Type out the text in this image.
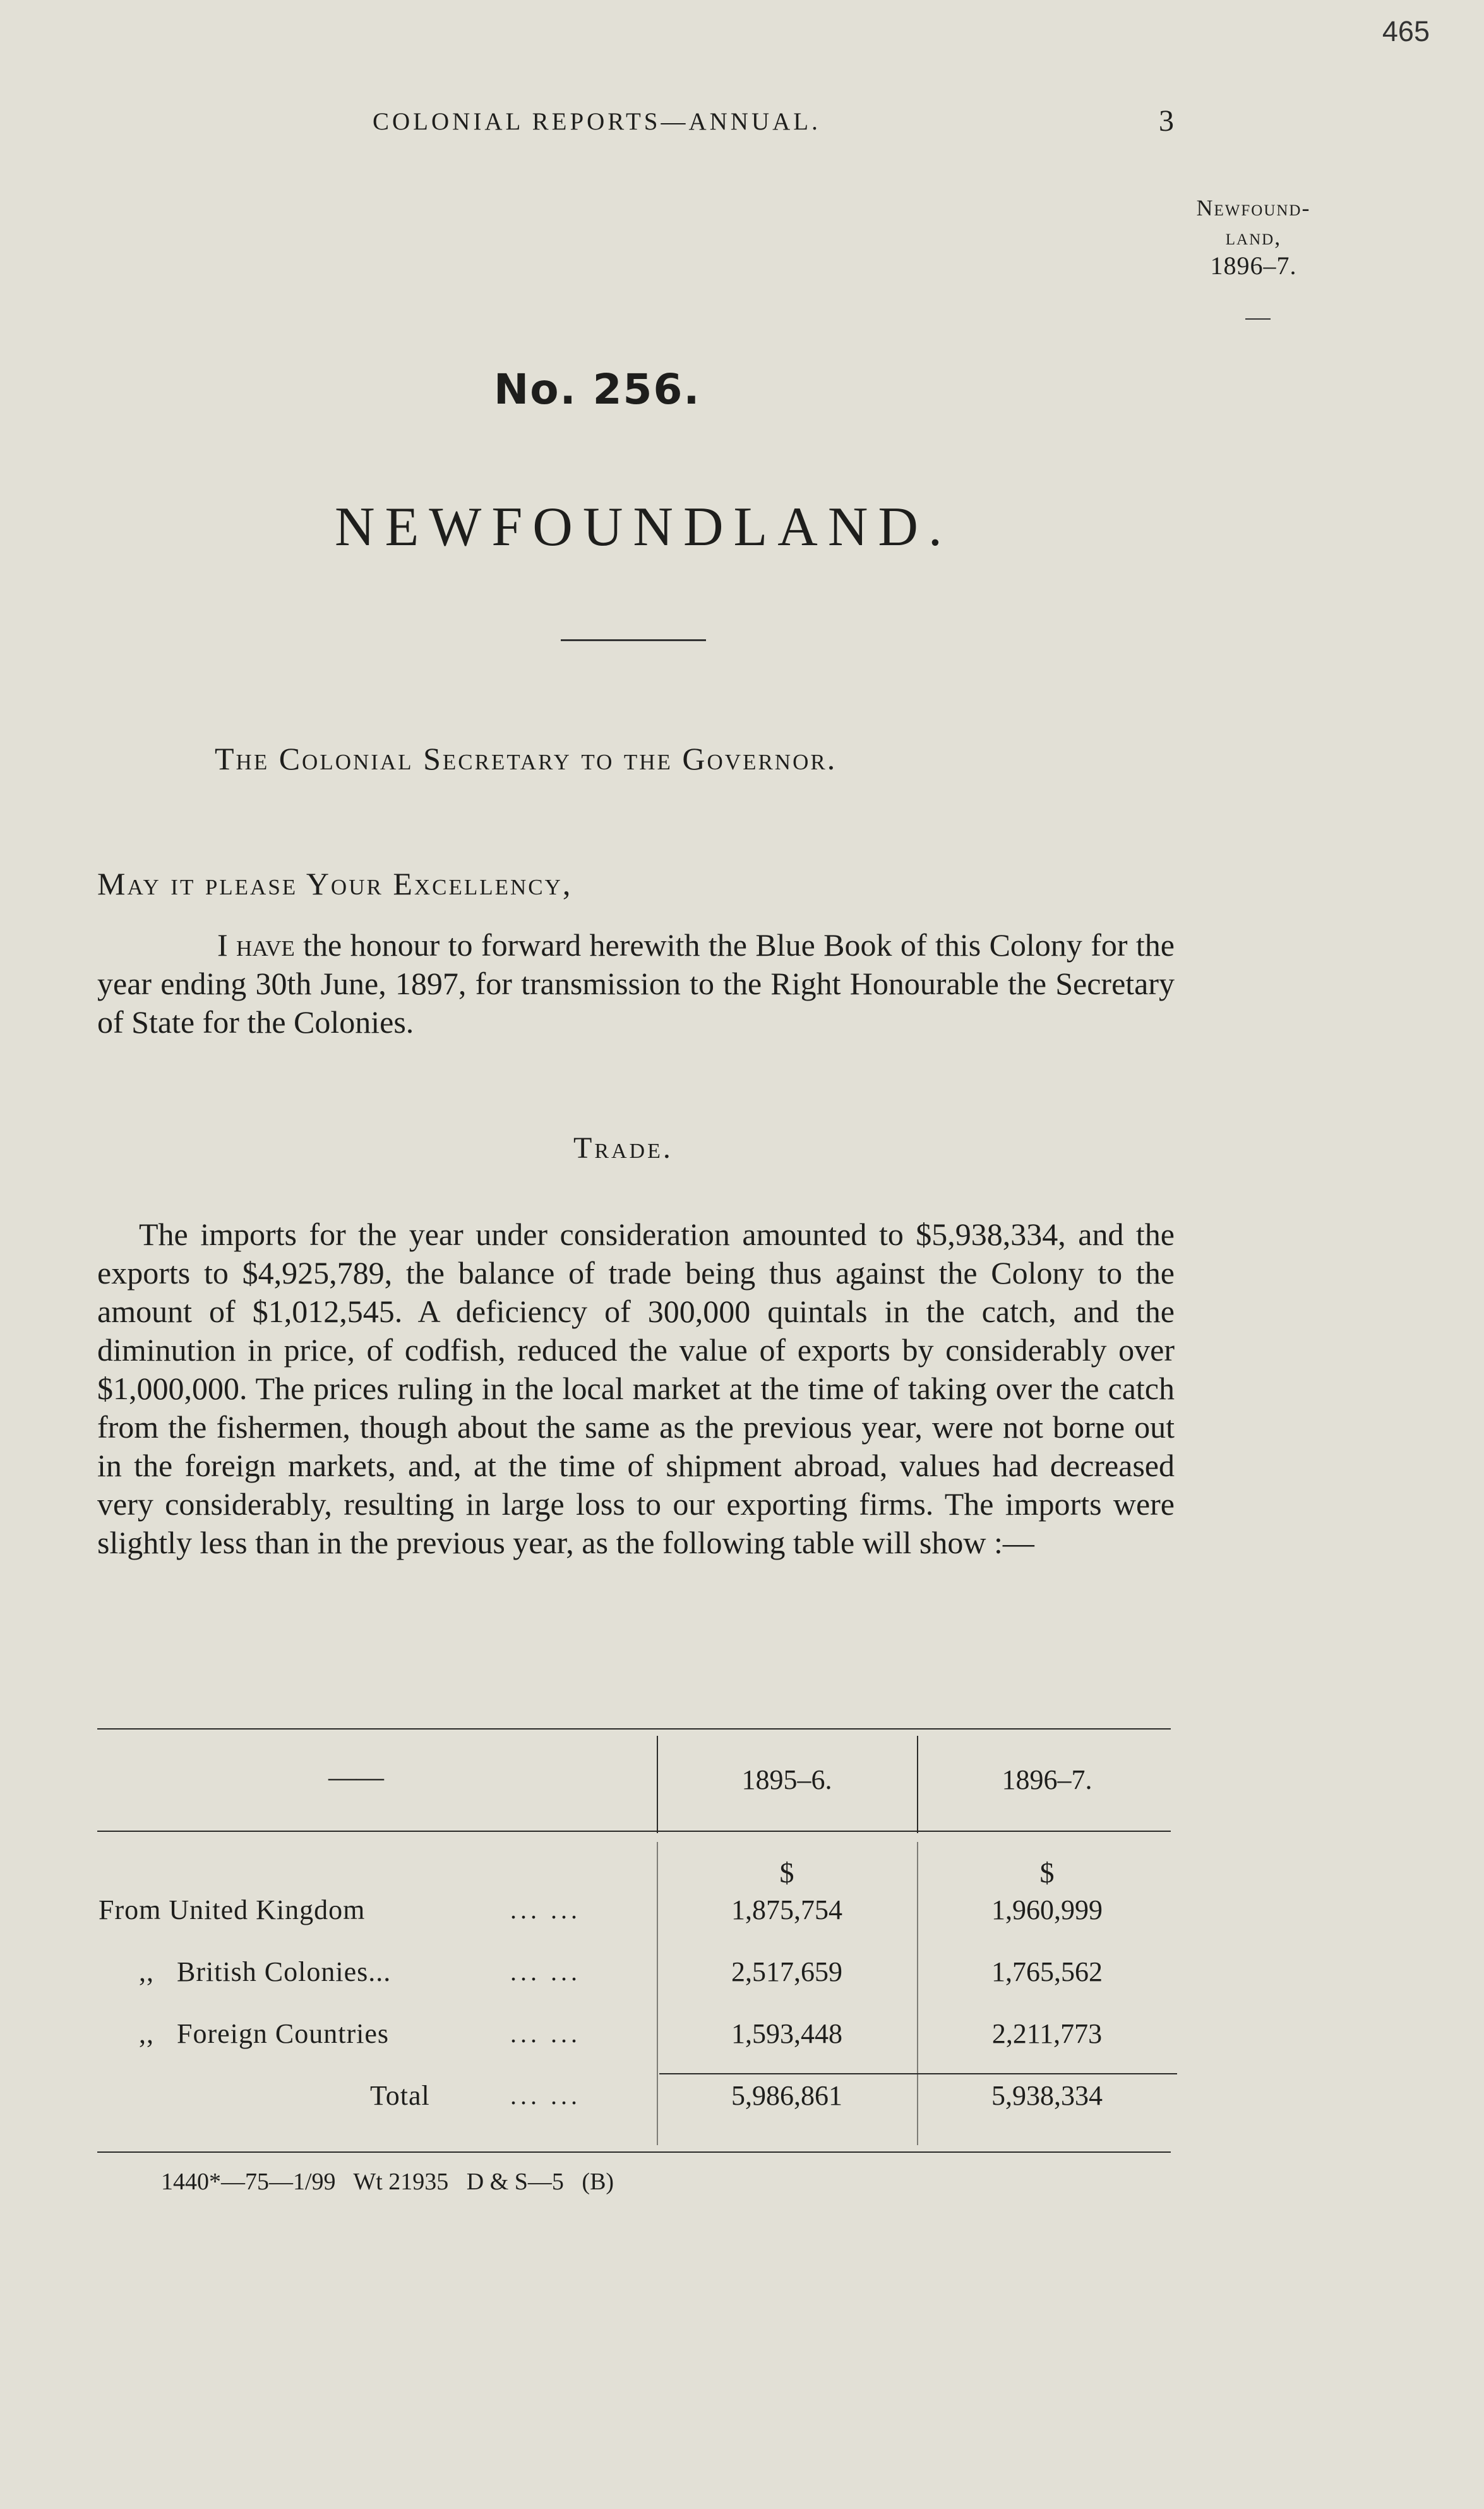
465
COLONIAL REPORTS—ANNUAL.	3
Newfound-
land,
1896–7.
No. 256.
NEWFOUNDLAND.
The Colonial Secretary to the Governor.
May it please Your Excellency,
I have the honour to forward herewith the Blue Book of this Colony for the year ending 30th June, 1897, for transmission to the Right Honourable the Secretary of State for the Colonies.
Trade.
The imports for the year under consideration amounted to $5,938,334, and the exports to $4,925,789, the balance of trade being thus against the Colony to the amount of $1,012,545. A deficiency of 300,000 quintals in the catch, and the diminution in price, of codfish, reduced the value of exports by considerably over $1,000,000. The prices ruling in the local market at the time of taking over the catch from the fishermen, though about the same as the previous year, were not borne out in the foreign markets, and, at the time of shipment abroad, values had decreased very considerably, resulting in large loss to our exporting firms. The imports were slightly less than in the previous year, as the following table will show :—
——	1895–6.	1896–7.
$	$
From United Kingdom	... ...	1,875,754	1,960,999
,,   British Colonies...	... ...	2,517,659	1,765,562
,,   Foreign Countries	... ...	1,593,448	2,211,773
Total	... ...	5,986,861	5,938,334
1440*—75—1/99   Wt 21935   D & S—5   (B)
